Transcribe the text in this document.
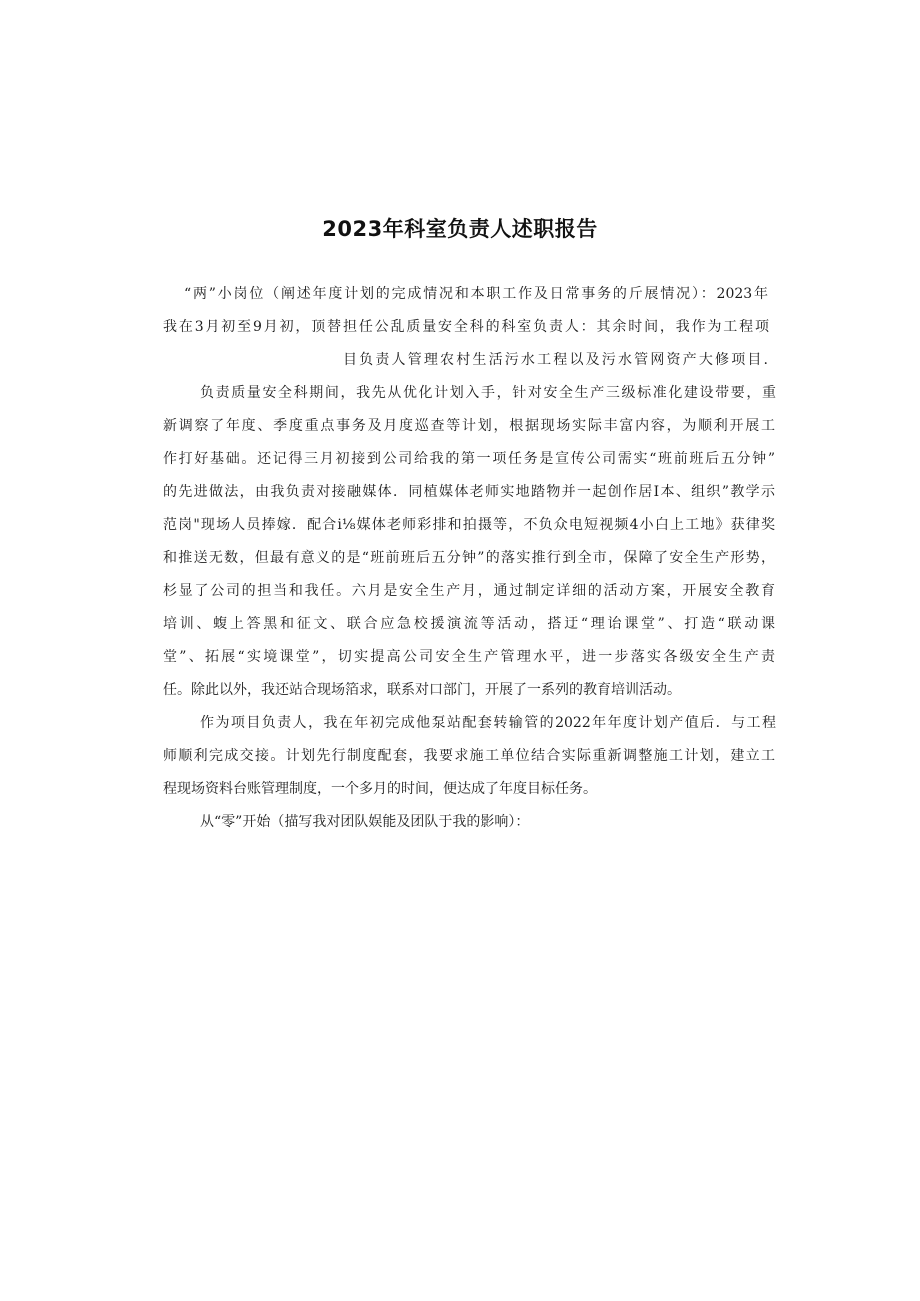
2023年科室负责人述职报告
“两”小岗位（阐述年度计划的完成情况和本职工作及日常事务的斤展情况）：2023年
我在3月初至9月初，顶替担任公乱质量安全科的科室负责人：其余时间，我作为工程项
目负责人管理农村生活污水工程以及污水管网资产大修项目.
负责质量安全科期间，我先从优化计划入手，针对安全生产三级标准化建设带要，重
新调察了年度、季度重点事务及月度巡查等计划，根据现场实际丰富内容，为顺利开展工
作打好基础。还记得三月初接到公司给我的第一项任务是宣传公司需实“班前班后五分钟”
的先进做法，由我负责对接融媒体．同植媒体老师实地踏物并一起创作居I本、组织”教学示
范岗"现场人员捧嫁．配合i⅛媒体老师彩排和拍摄等，不负众电短视频4小白上工地》获律奖
和推送无数，但最有意义的是“班前班后五分钟”的落实推行到全市，保障了安全生产形势，
杉显了公司的担当和我任。六月是安全生产月，通过制定详细的活动方案，开展安全教育
培训、蝮上答黑和征文、联合应急校援演流等活动，搭迂“理诒课堂”、打造“联动课
堂”、拓展“实境课堂”，切实提高公司安全生产管理水平，进一步落实各级安全生产责
任。除此以外，我还站合现场箔求，联系对口部门，开展了一系列的教育培训活动。
作为项目负责人，我在年初完成他泵站配套转输管的2022年年度计划产值后．与工程
师顺利完成交接。计划先行制度配套，我要求施工单位结合实际重新调整施工计划，建立工
程现场资料台账管理制度，一个多月的时间，便达成了年度目标任务。
从“零”开始（描写我对团队娱能及团队于我的影响）：
